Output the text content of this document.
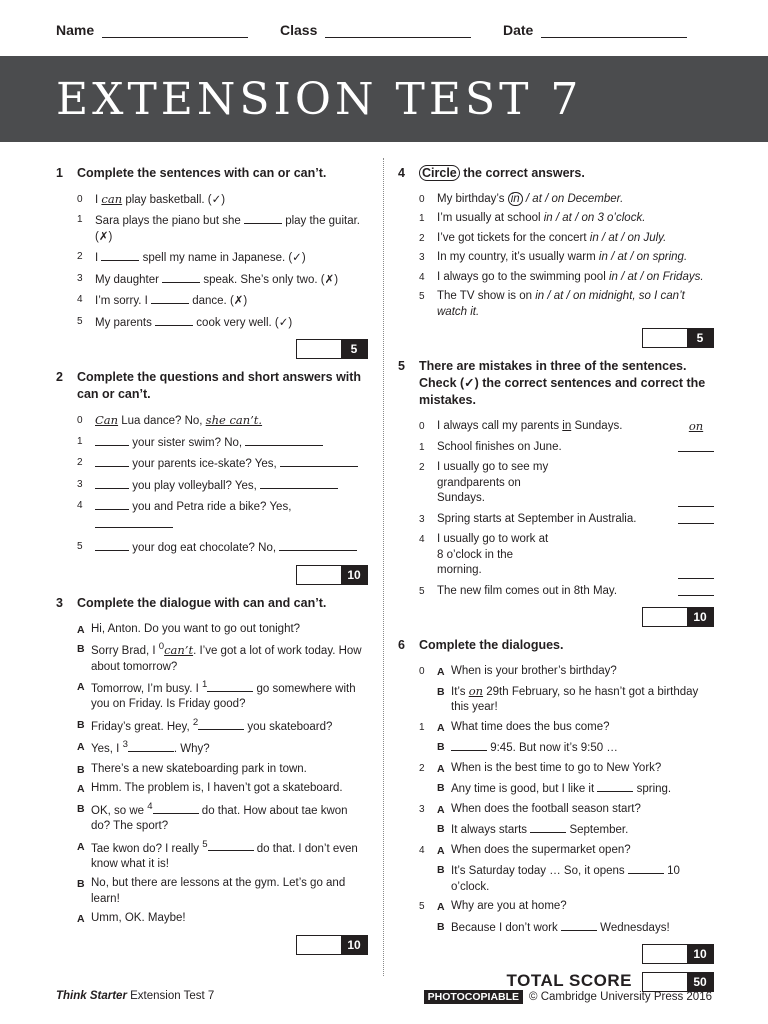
Name	Class	Date
EXTENSION TEST 7
1	Complete the sentences with can or can’t.
0	I can play basketball. (✓)
1	Sara plays the piano but she	play the guitar. (✗)
2	I	spell my name in Japanese. (✓)
3	My daughter	speak. She’s only two. (✗)
4	I’m sorry. I	dance. (✗)
5	My parents	cook very well. (✓)
5
2	Complete the questions and short answers with can or can’t.
0	Can Lua dance? No, she can’t.
1	your sister swim? No,
2	your parents ice-skate? Yes,
3	you play volleyball? Yes,
4	you and Petra ride a bike? Yes,

5	your dog eat chocolate? No,
10
3	Complete the dialogue with can and can’t.
A Hi, Anton. Do you want to go out tonight?
B Sorry Brad, I $^0$can’t. I’ve got a lot of work today. How about tomorrow?
A Tomorrow, I’m busy. I $^1$	go somewhere with you on Friday. Is Friday good?
B Friday’s great. Hey, $^2$	you skateboard?
A Yes, I $^3$	. Why?
B There’s a new skateboarding park in town.
A Hmm. The problem is, I haven’t got a skateboard.
B OK, so we $^4$	do that. How about tae kwon do? The sport?
A Tae kwon do? I really $^5$	do that. I don’t even know what it is!
B No, but there are lessons at the gym. Let’s go and learn!
A Umm, OK. Maybe!
10
4	Circle the correct answers.
0	My birthday’s in / at / on December.
1	I’m usually at school in / at / on 3 o’clock.
2	I’ve got tickets for the concert in / at / on July.
3	In my country, it’s usually warm in / at / on spring.
4	I always go to the swimming pool in / at / on Fridays.
5	The TV show is on in / at / on midnight, so I can’t watch it.
5
5	There are mistakes in three of the sentences. Check (✓) the correct sentences and correct the mistakes.
0	I always call my parents in Sundays.	on
1	School finishes on June.
2	I usually go to see my grandparents on Sundays.
3	Spring starts at September in Australia.
4	I usually go to work at 8 o’clock in the morning.
5	The new film comes out in 8th May.
10
6	Complete the dialogues.
0	A When is your brother’s birthday?
B It’s on 29th February, so he hasn’t got a birthday this year!
1	A What time does the bus come?
B	9:45. But now it’s 9:50 …
2	A When is the best time to go to New York?
B Any time is good, but I like it	spring.
3	A When does the football season start?
B It always starts	September.
4	A When does the supermarket open?
B It’s Saturday today … So, it opens	10 o’clock.
5	A Why are you at home?
B Because I don’t work	Wednesdays!
10
TOTAL SCORE	50
Think Starter Extension Test 7	PHOTOCOPIABLE © Cambridge University Press 2016
